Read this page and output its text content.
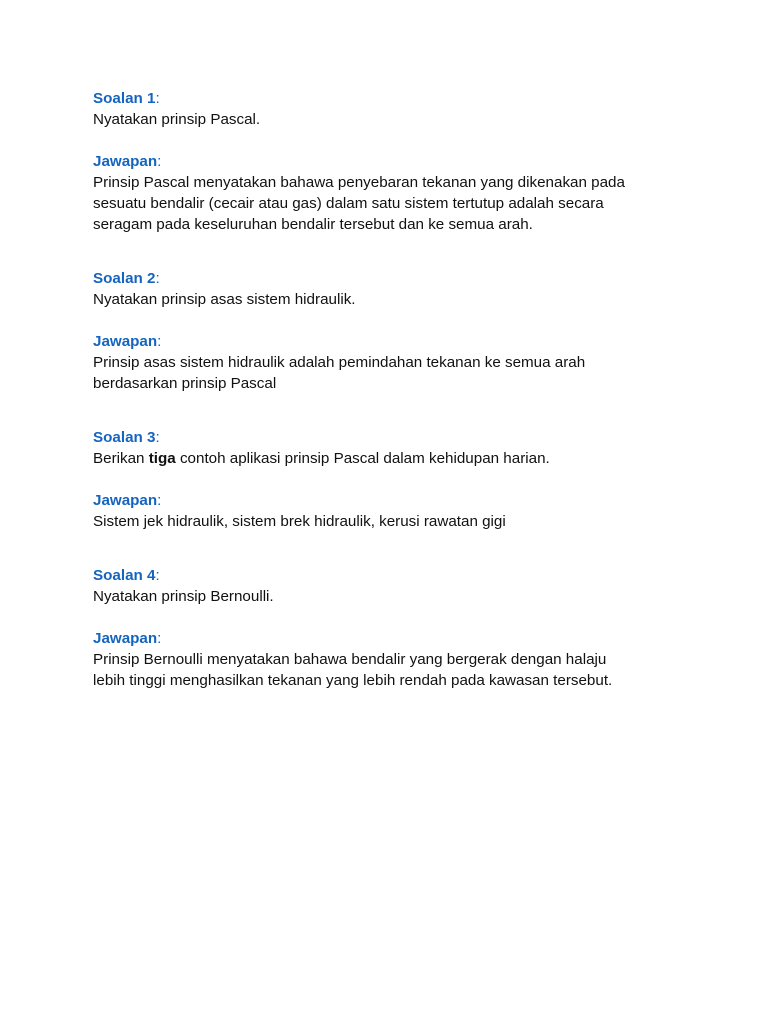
Soalan 1:
Nyatakan prinsip Pascal.
Jawapan:
Prinsip Pascal menyatakan bahawa penyebaran tekanan yang dikenakan pada
sesuatu bendalir (cecair atau gas) dalam satu sistem tertutup adalah secara
seragam pada keseluruhan bendalir tersebut dan ke semua arah.
Soalan 2:
Nyatakan prinsip asas sistem hidraulik.
Jawapan:
Prinsip asas sistem hidraulik adalah pemindahan tekanan ke semua arah
berdasarkan prinsip Pascal
Soalan 3:
Berikan tiga contoh aplikasi prinsip Pascal dalam kehidupan harian.
Jawapan:
Sistem jek hidraulik, sistem brek hidraulik, kerusi rawatan gigi
Soalan 4:
Nyatakan prinsip Bernoulli.
Jawapan:
Prinsip Bernoulli menyatakan bahawa bendalir yang bergerak dengan halaju
lebih tinggi menghasilkan tekanan yang lebih rendah pada kawasan tersebut.
